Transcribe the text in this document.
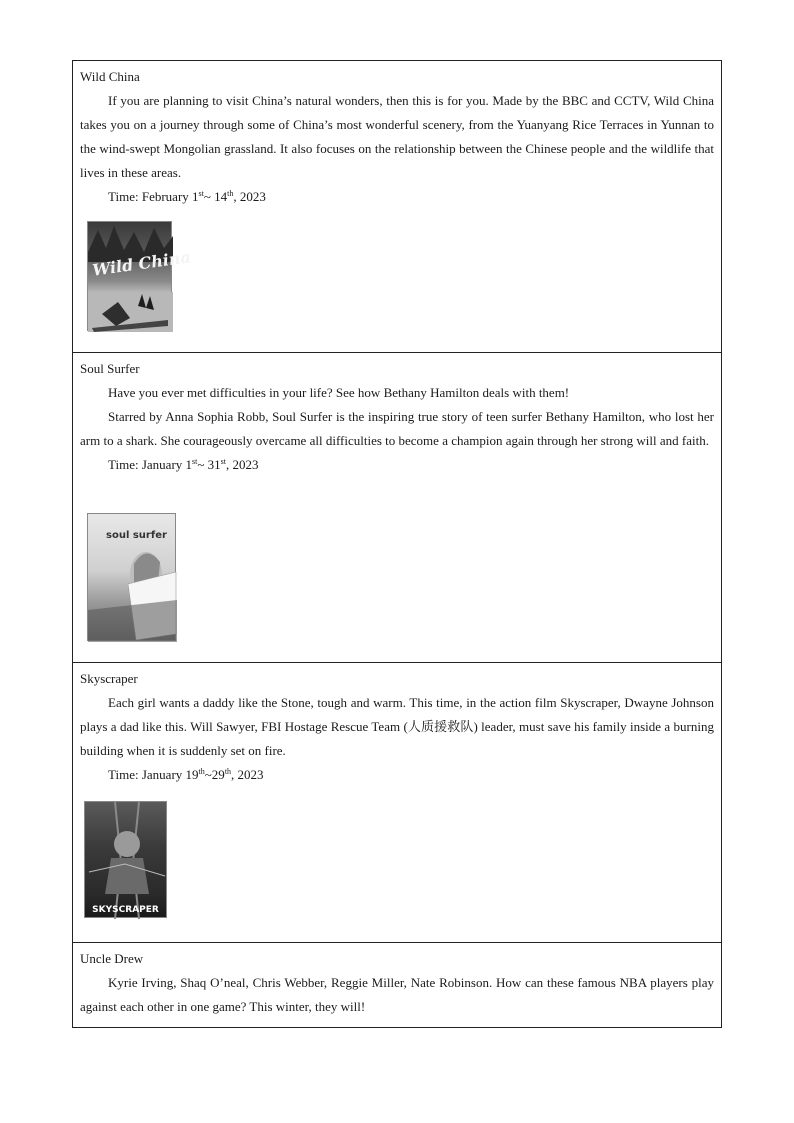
Wild China

If you are planning to visit China’s natural wonders, then this is for you. Made by the BBC and CCTV, Wild China takes you on a journey through some of China’s most wonderful scenery, from the Yuanyang Rice Terraces in Yunnan to the wind-swept Mongolian grassland. It also focuses on the relationship between the Chinese people and the wildlife that lives in these areas.

Time: February 1st~ 14th, 2023
Wild China
Soul Surfer

Have you ever met difficulties in your life? See how Bethany Hamilton deals with them!

Starred by Anna Sophia Robb, Soul Surfer is the inspiring true story of teen surfer Bethany Hamilton, who lost her arm to a shark. She courageously overcame all difficulties to become a champion again through her strong will and faith.

Time: January 1st~ 31st, 2023
soul surfer
Skyscraper

Each girl wants a daddy like the Stone, tough and warm. This time, in the action film Skyscraper, Dwayne Johnson plays a dad like this. Will Sawyer, FBI Hostage Rescue Team (人质援救队) leader, must save his family inside a burning building when it is suddenly set on fire.

Time: January 19th~29th, 2023
SKYSCRAPER
Uncle Drew

Kyrie Irving, Shaq O’neal, Chris Webber, Reggie Miller, Nate Robinson. How can these famous NBA players play against each other in one game? This winter, they will!
